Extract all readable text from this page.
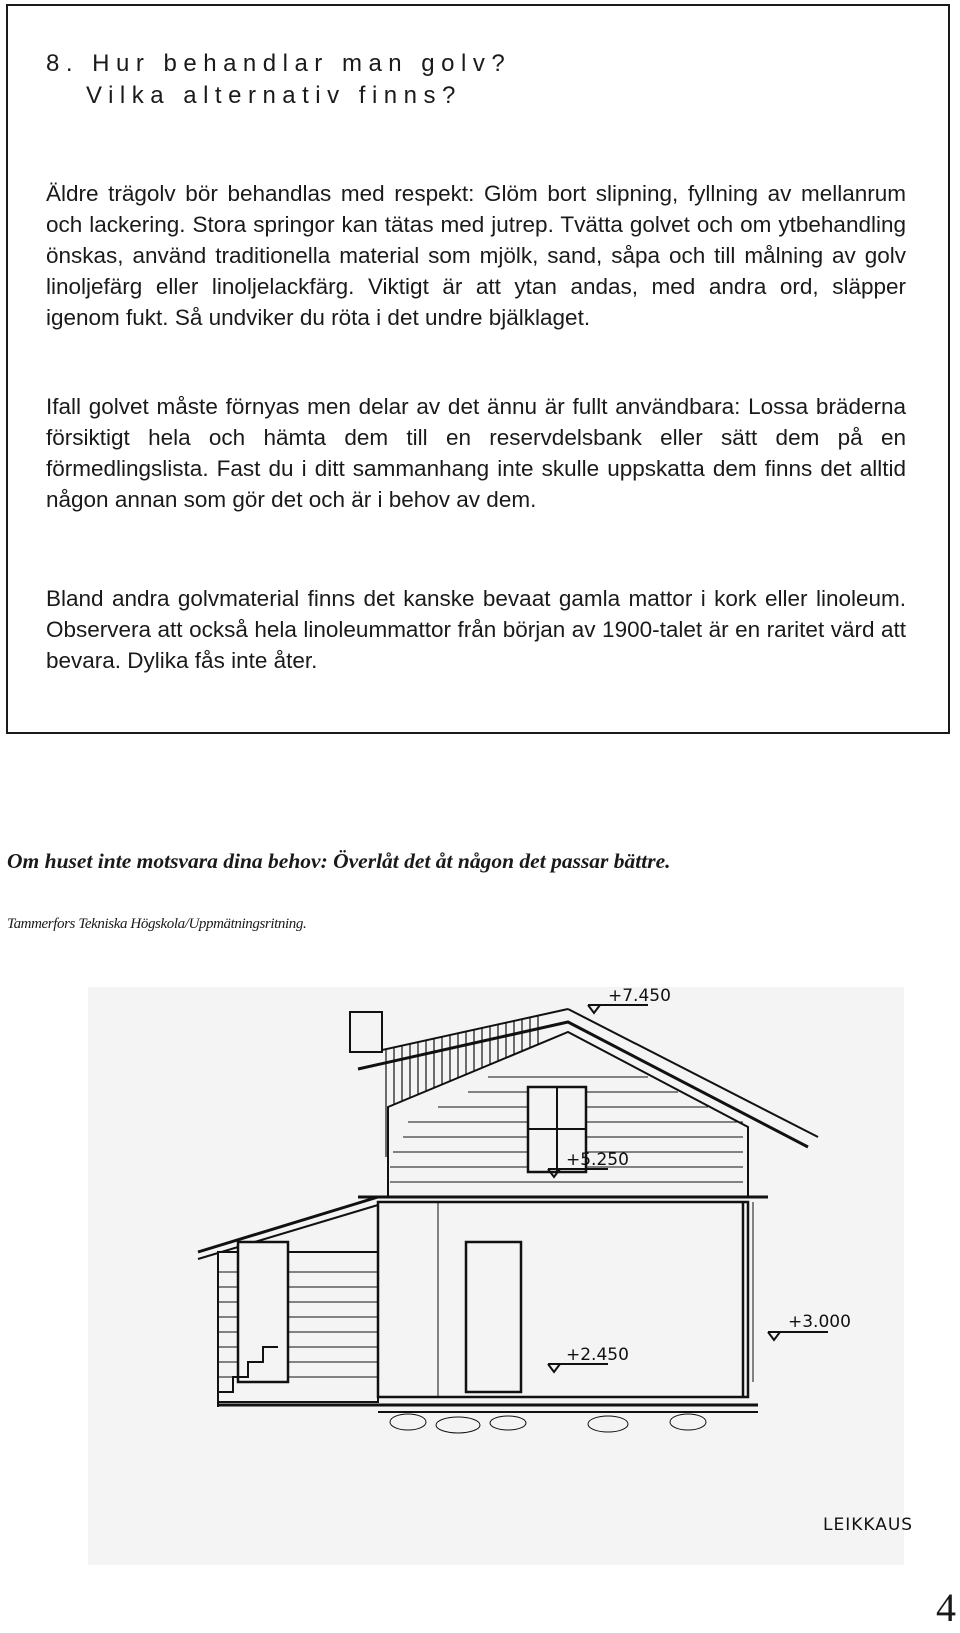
8. Hur behandlar man golv?
Vilka alternativ finns?

Äldre trägolv bör behandlas med respekt: Glöm bort slipning, fyllning av mellanrum och lackering. Stora springor kan tätas med jutrep. Tvätta golvet och om ytbehandling önskas, använd traditionella material som mjölk, sand, såpa och till målning av golv linoljefärg eller linoljelackfärg. Viktigt är att ytan andas, med andra ord, släpper igenom fukt. Så undviker du röta i det undre bjälklaget.

Ifall golvet måste förnyas men delar av det ännu är fullt användbara: Lossa bräderna försiktigt hela och hämta dem till en reservdelsbank eller sätt dem på en förmedlingslista. Fast du i ditt sammanhang inte skulle uppskatta dem finns det alltid någon annan som gör det och är i behov av dem.

Bland andra golvmaterial finns det kanske bevaat gamla mattor i kork eller linoleum. Observera att också hela linoleummattor från början av 1900-talet är en raritet värd att bevara. Dylika fås inte åter.

Om huset inte motsvara dina behov: Överlåt det åt någon det passar bättre.
Tammerfors Tekniska Högskola/Uppmätningsritning.
+7.450
+5.250
+3.000
+2.450
LEIKKAUS
4
